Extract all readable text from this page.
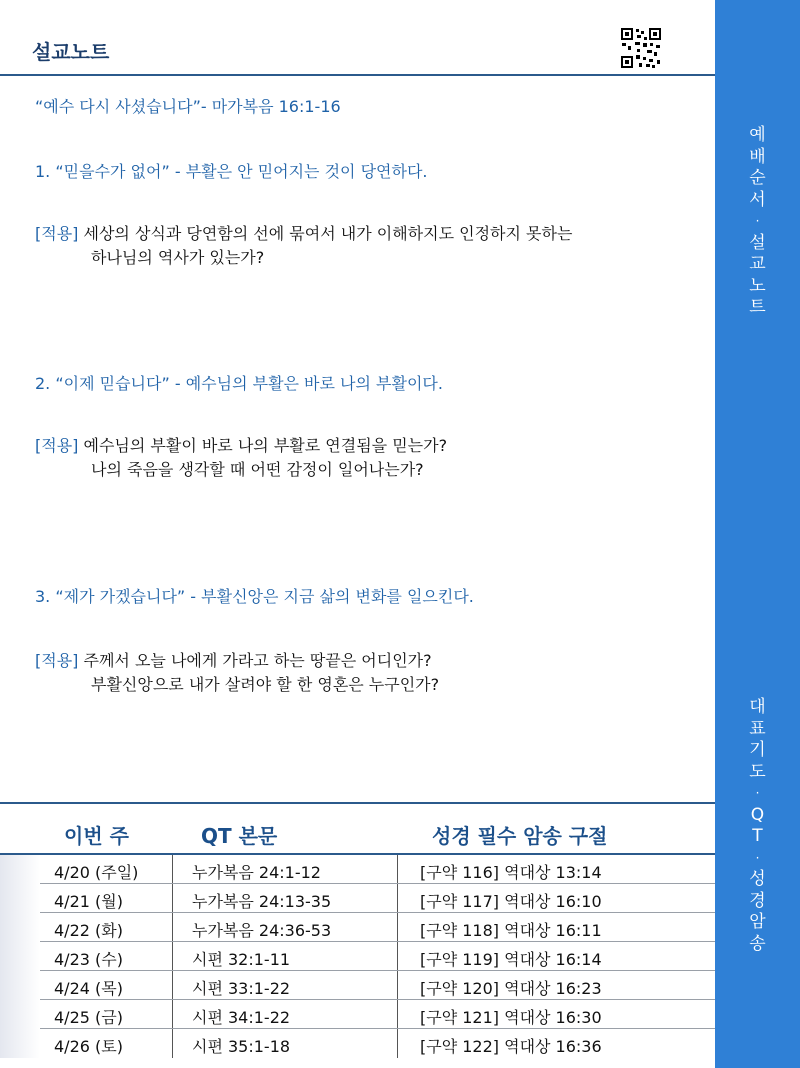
예
배
순
서

·
설
교
노
트
대
표
기
도

·
Q
T

·
성
경
암
송
설교노트
“예수 다시 사셨습니다”- 마가복음 16:1-16
1. “믿을수가 없어” - 부활은 안 믿어지는 것이 당연하다.
[적용] 세상의 상식과 당연함의 선에 묶여서 내가 이해하지도 인정하지 못하는
하나님의 역사가 있는가?
2. “이제 믿습니다” - 예수님의 부활은 바로 나의 부활이다.
[적용] 예수님의 부활이 바로 나의 부활로 연결됨을 믿는가?
나의 죽음을 생각할 때 어떤 감정이 일어나는가?
3. “제가 가겠습니다” - 부활신앙은 지금 삶의 변화를 일으킨다.
[적용] 주께서 오늘 나에게 가라고 하는 땅끝은 어디인가?
부활신앙으로 내가 살려야 할 한 영혼은 누구인가?
이번 주	QT 본문	성경 필수 암송 구절
4/20 (주일)	누가복음 24:1-12	[구약 116] 역대상 13:14
4/21 (월)	누가복음 24:13-35	[구약 117] 역대상 16:10
4/22 (화)	누가복음 24:36-53	[구약 118] 역대상 16:11
4/23 (수)	시편 32:1-11	[구약 119] 역대상 16:14
4/24 (목)	시편 33:1-22	[구약 120] 역대상 16:23
4/25 (금)	시편 34:1-22	[구약 121] 역대상 16:30
4/26 (토)	시편 35:1-18	[구약 122] 역대상 16:36
